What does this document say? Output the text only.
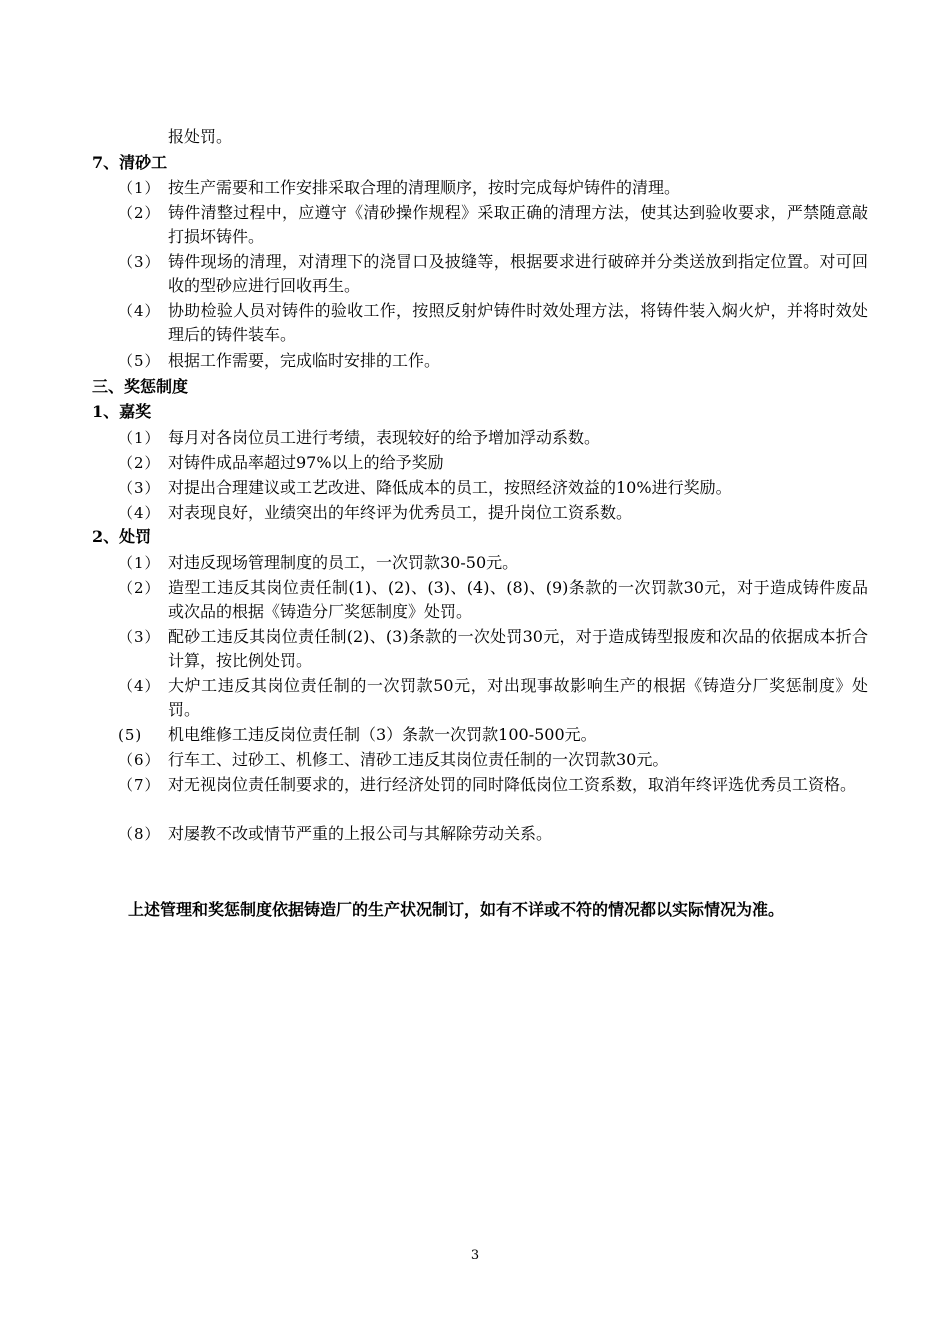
报处罚。
7、清砂工
（1） 按生产需要和工作安排采取合理的清理顺序，按时完成每炉铸件的清理。
（2） 铸件清整过程中，应遵守《清砂操作规程》采取正确的清理方法，使其达到验收要求，严禁随意敲打损坏铸件。
（3） 铸件现场的清理，对清理下的浇冒口及披缝等，根据要求进行破碎并分类送放到指定位置。对可回收的型砂应进行回收再生。
（4） 协助检验人员对铸件的验收工作，按照反射炉铸件时效处理方法，将铸件装入焖火炉，并将时效处理后的铸件装车。
（5） 根据工作需要，完成临时安排的工作。
三、奖惩制度
1、嘉奖
（1） 每月对各岗位员工进行考绩，表现较好的给予增加浮动系数。
（2） 对铸件成品率超过97%以上的给予奖励
（3） 对提出合理建议或工艺改进、降低成本的员工，按照经济效益的10%进行奖励。
（4） 对表现良好，业绩突出的年终评为优秀员工，提升岗位工资系数。
2、处罚
（1） 对违反现场管理制度的员工，一次罚款30-50元。
（2） 造型工违反其岗位责任制(1)、(2)、(3)、(4)、(8)、(9)条款的一次罚款30元，对于造成铸件废品或次品的根据《铸造分厂奖惩制度》处罚。
（3） 配砂工违反其岗位责任制(2)、(3)条款的一次处罚30元，对于造成铸型报废和次品的依据成本折合计算，按比例处罚。
（4） 大炉工违反其岗位责任制的一次罚款50元，对出现事故影响生产的根据《铸造分厂奖惩制度》处罚。
(5) 机电维修工违反岗位责任制（3）条款一次罚款100-500元。
（6） 行车工、过砂工、机修工、清砂工违反其岗位责任制的一次罚款30元。
（7） 对无视岗位责任制要求的，进行经济处罚的同时降低岗位工资系数，取消年终评选优秀员工资格。
（8） 对屡教不改或情节严重的上报公司与其解除劳动关系。
上述管理和奖惩制度依据铸造厂的生产状况制订，如有不详或不符的情况都以实际情况为准。
3
